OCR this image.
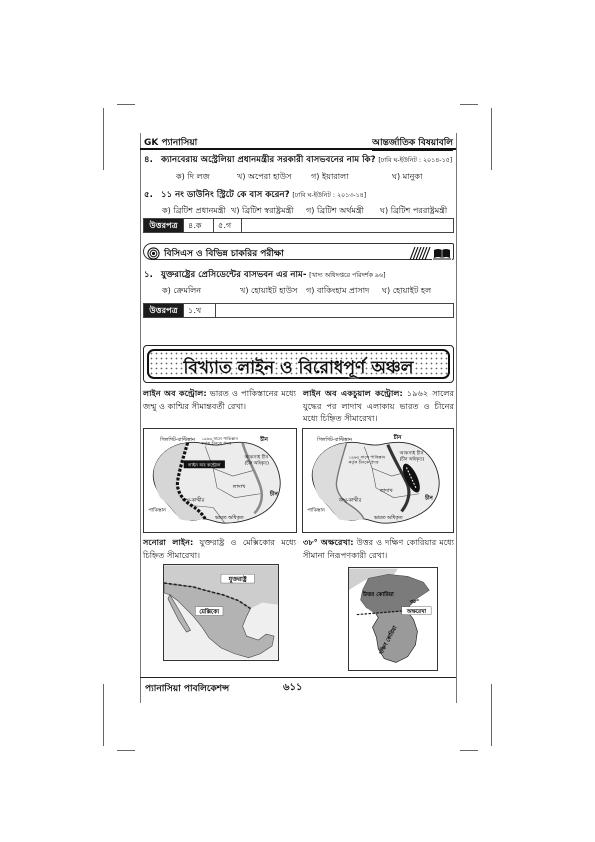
GK প্যানাসিয়া	আন্তর্জাতিক বিষয়াবলি
৪. ক্যানবেরায় অস্ট্রেলিয়া প্রধানমন্ত্রীর সরকারী বাসভবনের নাম কি? [ঢাবি ঘ-ইউনিট : ২০১৪-১৫]
ক) দি লজ	খ) অপেরা হাউস গ) ইয়ারালা	ঘ) মানুকা
৫. ১১ নং ডাউনিং স্ট্রিটে কে বাস করেন? [ঢাবি ঘ-ইউনিট : ২০১৩-১৪]
ক) ব্রিটিশ প্রধানমন্ত্রী খ) ব্রিটিশ স্বরাষ্ট্রমন্ত্রী গ) ব্রিটিশ অর্থমন্ত্রী ঘ) ব্রিটিশ পররাষ্ট্রমন্ত্রী
উত্তরপত্র	৪.ক	৫.গ
বিসিএস ও বিভিন্ন চাকরির পরীক্ষা
১. যুক্তরাষ্ট্রের প্রেসিডেন্টের বাসভবন এর নাম- [খাদ্য অধিদপ্তরে পরিদর্শক ৯৬]
ক) ক্রেমলিন	খ) হোয়াইট হাউস গ) বাকিংহাম প্রাসাদ ঘ) হোয়াইট হল
উত্তরপত্র	১.খ
বিখ্যাত লাইন ও বিরোধপূর্ণ অঞ্চল
লাইন অব কন্ট্রোল: ভারত ও পাকিস্তানের মধ্যে জম্মু ও কাশ্মির সীমান্তবর্তী রেখা।
লাইন অব একচুয়াল কন্ট্রোল: ১৯৬২ সালের যুদ্ধের পর লাদাখ এলাকায় ভারত ও চীনের মধ্যে চিহ্নিত সীমারেখা।
গিলগিট-বাল্টিস্তান ১৯৬৩ সালে পাকিস্তান
কর্তৃক চীনকে প্রদত্ত
চীন
আকসাই চীন
(চীন অধিকৃত)
লাইন অব কন্ট্রোল
লাদাখ
চীন
জম্মু-কাশ্মীর
ভারত অধিকৃত
পাকিস্তান
গিলগিট-বাল্টিস্তান	চীন
১৯৬৩ সালে পাকিস্তান
কর্তৃক চীনকে প্রদত্ত
আকসাই চীন
(চীন অধিকৃত)
লাদাখ
চীন
জম্মু-কাশ্মীর
ভারত অধিকৃত
পাকিস্তান
সনোরা লাইন: যুক্তরাষ্ট্র ও মেক্সিকোর মধ্যে চিহ্নিত সীমারেখা।
৩৮° অক্ষরেখা: উত্তর ও দক্ষিণ কোরিয়ার মধ্যে সীমানা নিরূপণকারী রেখা।
যুক্তরাষ্ট্র
মেক্সিকো
উত্তর কোরিয়া
৩৮°
অক্ষরেখা
দক্ষিণ কোরিয়া
প্যানাসিয়া পাবলিকেশন্স	৬১১
